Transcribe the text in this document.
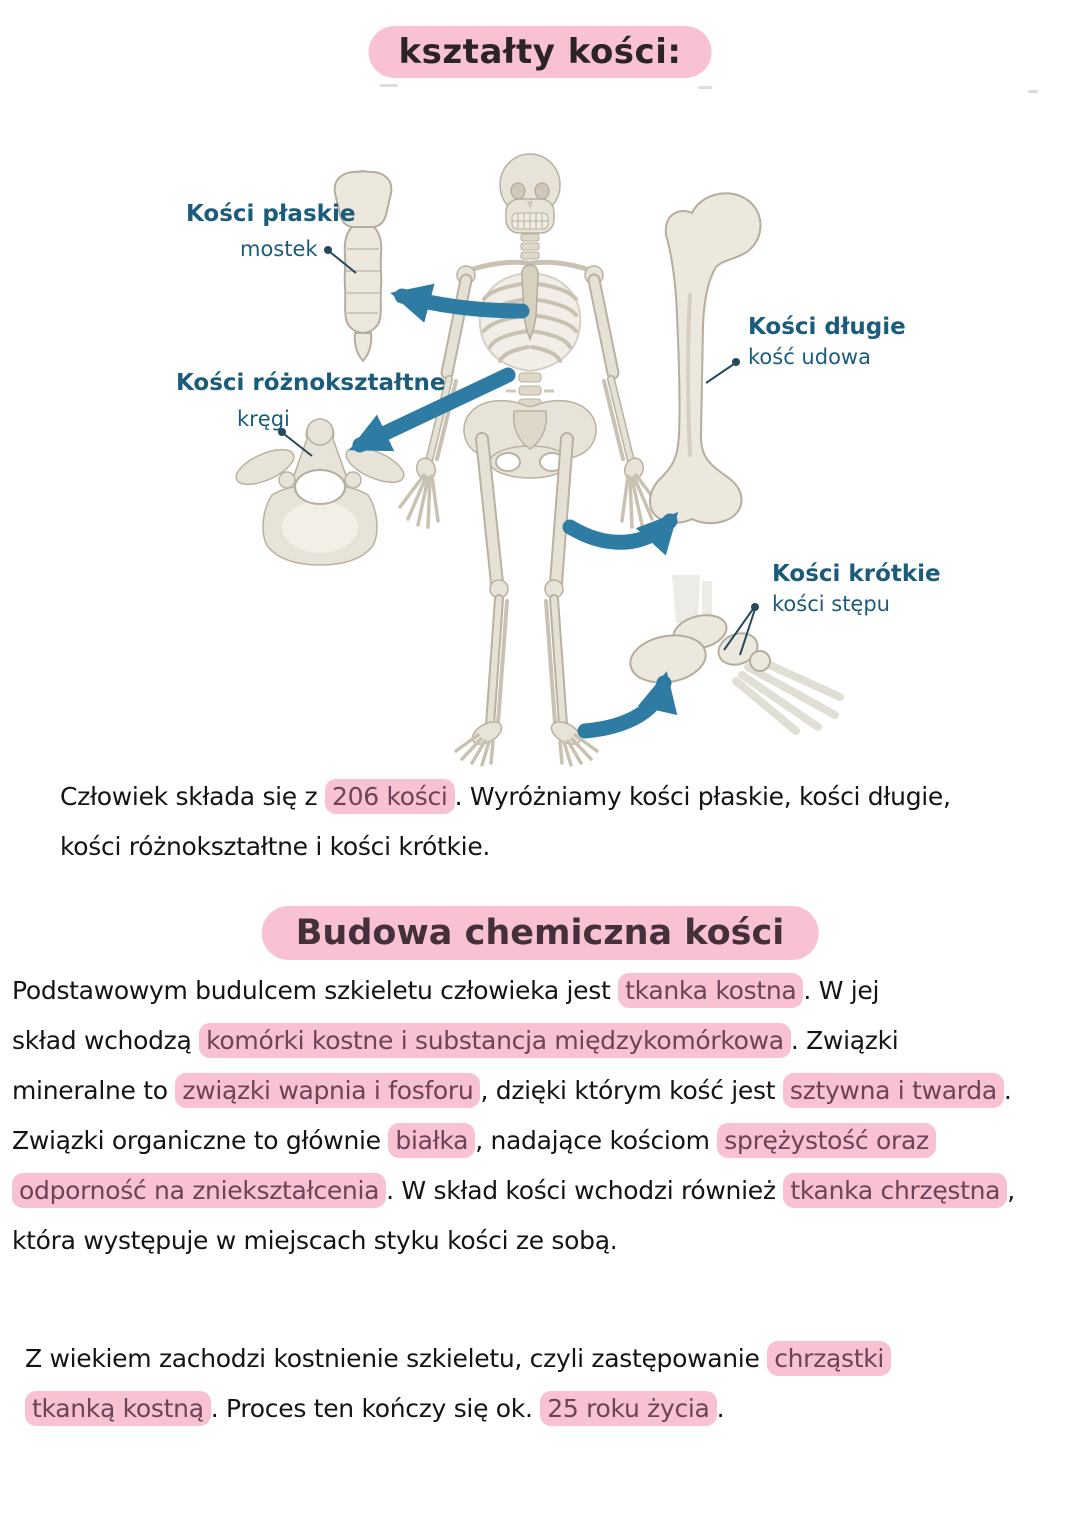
kształty kości:
Kości płaskie
mostek
Kości różnokształtne
kręgi
Kości długie
kość udowa
Kości krótkie
kości stępu
Człowiek składa się z 206 kości . Wyróżniamy kości płaskie, kości długie,
kości różnokształtne i kości krótkie.
Budowa chemiczna kości
Podstawowym budulcem szkieletu człowieka jest tkanka kostna . W jej
skład wchodzą komórki kostne i substancja międzykomórkowa . Związki
mineralne to związki wapnia i fosforu , dzięki którym kość jest sztywna i twarda .
Związki organiczne to głównie białka , nadające kościom sprężystość oraz
odporność na zniekształcenia . W skład kości wchodzi również tkanka chrzęstna ,
która występuje w miejscach styku kości ze sobą.
Z wiekiem zachodzi kostnienie szkieletu, czyli zastępowanie chrząstki
tkanką kostną . Proces ten kończy się ok. 25 roku życia .
